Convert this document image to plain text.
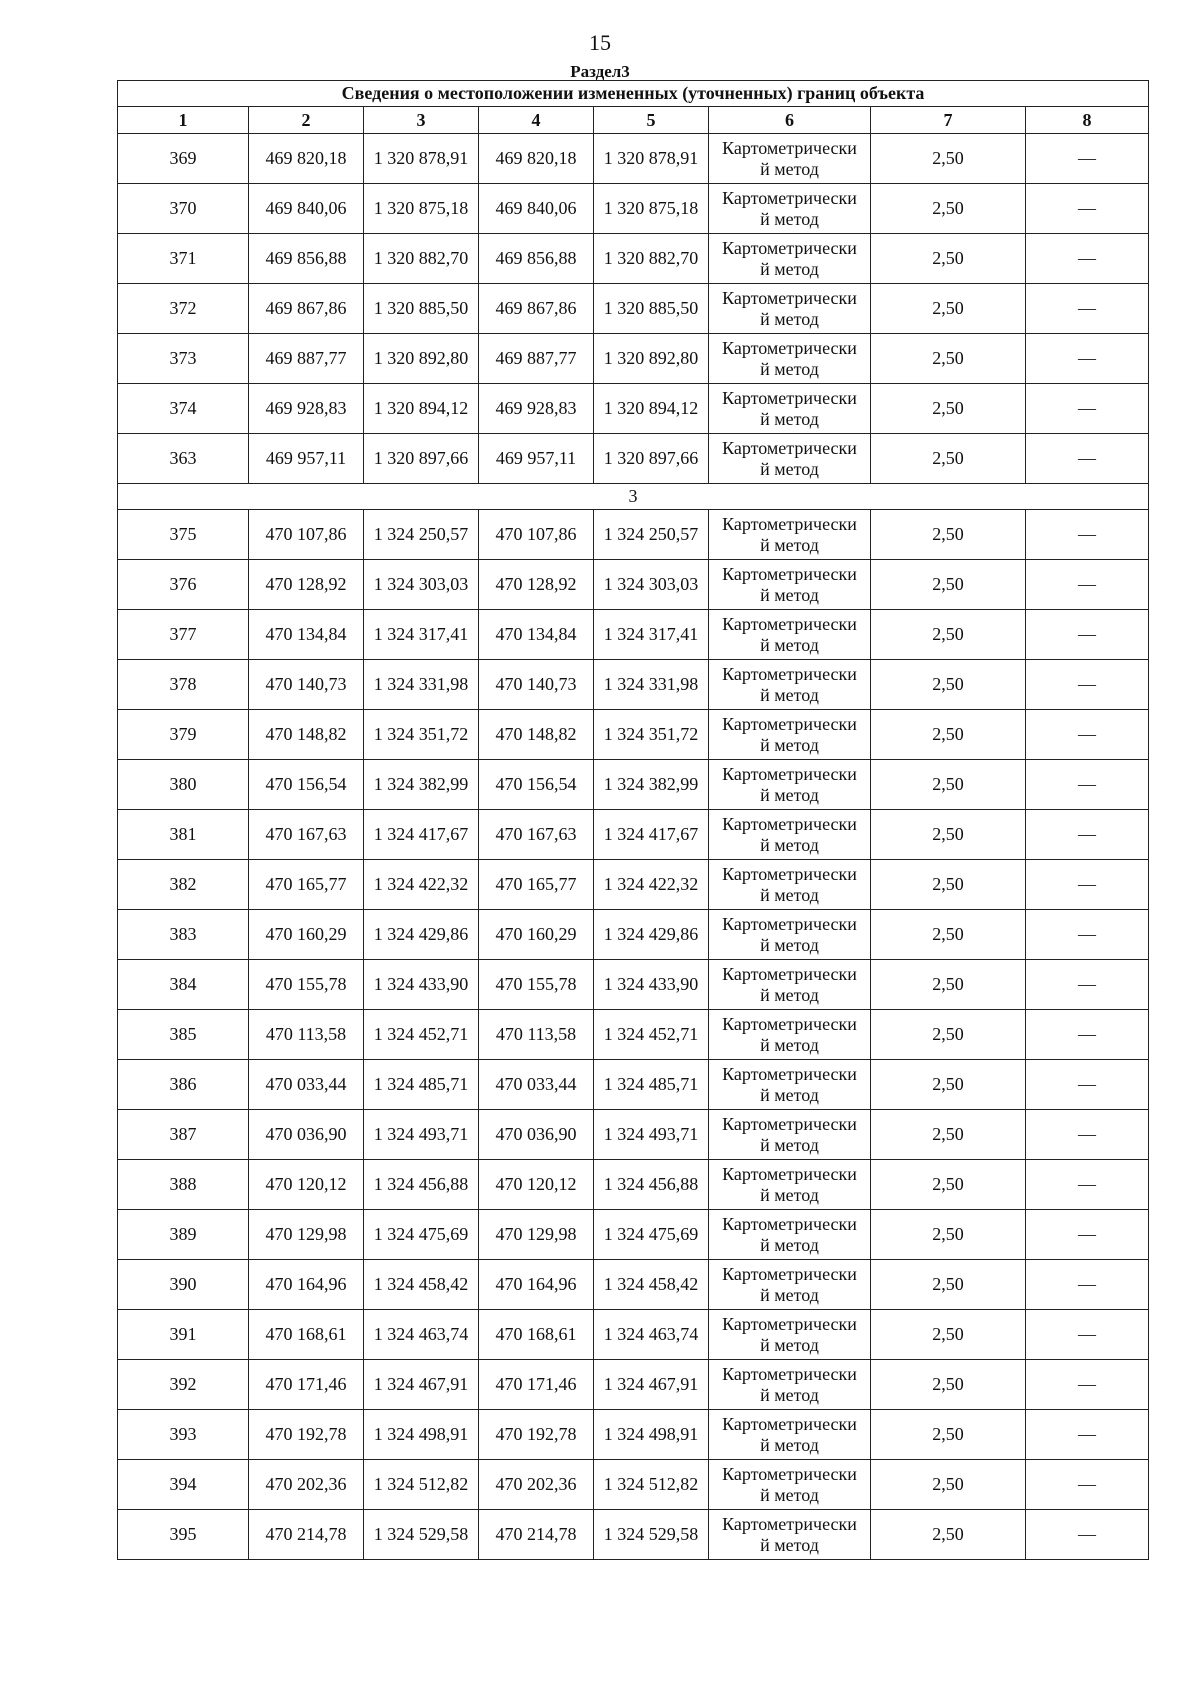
15
Раздел3
Сведения о местоположении измененных (уточненных) границ объекта							
1	2	3	4	5	6	7	8
369	469 820,18	1 320 878,91	469 820,18	1 320 878,91	Картометрически
й метод	2,50	—
370	469 840,06	1 320 875,18	469 840,06	1 320 875,18	Картометрически
й метод	2,50	—
371	469 856,88	1 320 882,70	469 856,88	1 320 882,70	Картометрически
й метод	2,50	—
372	469 867,86	1 320 885,50	469 867,86	1 320 885,50	Картометрически
й метод	2,50	—
373	469 887,77	1 320 892,80	469 887,77	1 320 892,80	Картометрически
й метод	2,50	—
374	469 928,83	1 320 894,12	469 928,83	1 320 894,12	Картометрически
й метод	2,50	—
363	469 957,11	1 320 897,66	469 957,11	1 320 897,66	Картометрически
й метод	2,50	—
3							
375	470 107,86	1 324 250,57	470 107,86	1 324 250,57	Картометрически
й метод	2,50	—
376	470 128,92	1 324 303,03	470 128,92	1 324 303,03	Картометрически
й метод	2,50	—
377	470 134,84	1 324 317,41	470 134,84	1 324 317,41	Картометрически
й метод	2,50	—
378	470 140,73	1 324 331,98	470 140,73	1 324 331,98	Картометрически
й метод	2,50	—
379	470 148,82	1 324 351,72	470 148,82	1 324 351,72	Картометрически
й метод	2,50	—
380	470 156,54	1 324 382,99	470 156,54	1 324 382,99	Картометрически
й метод	2,50	—
381	470 167,63	1 324 417,67	470 167,63	1 324 417,67	Картометрически
й метод	2,50	—
382	470 165,77	1 324 422,32	470 165,77	1 324 422,32	Картометрически
й метод	2,50	—
383	470 160,29	1 324 429,86	470 160,29	1 324 429,86	Картометрически
й метод	2,50	—
384	470 155,78	1 324 433,90	470 155,78	1 324 433,90	Картометрически
й метод	2,50	—
385	470 113,58	1 324 452,71	470 113,58	1 324 452,71	Картометрически
й метод	2,50	—
386	470 033,44	1 324 485,71	470 033,44	1 324 485,71	Картометрически
й метод	2,50	—
387	470 036,90	1 324 493,71	470 036,90	1 324 493,71	Картометрически
й метод	2,50	—
388	470 120,12	1 324 456,88	470 120,12	1 324 456,88	Картометрически
й метод	2,50	—
389	470 129,98	1 324 475,69	470 129,98	1 324 475,69	Картометрически
й метод	2,50	—
390	470 164,96	1 324 458,42	470 164,96	1 324 458,42	Картометрически
й метод	2,50	—
391	470 168,61	1 324 463,74	470 168,61	1 324 463,74	Картометрически
й метод	2,50	—
392	470 171,46	1 324 467,91	470 171,46	1 324 467,91	Картометрически
й метод	2,50	—
393	470 192,78	1 324 498,91	470 192,78	1 324 498,91	Картометрически
й метод	2,50	—
394	470 202,36	1 324 512,82	470 202,36	1 324 512,82	Картометрически
й метод	2,50	—
395	470 214,78	1 324 529,58	470 214,78	1 324 529,58	Картометрически
й метод	2,50	—
